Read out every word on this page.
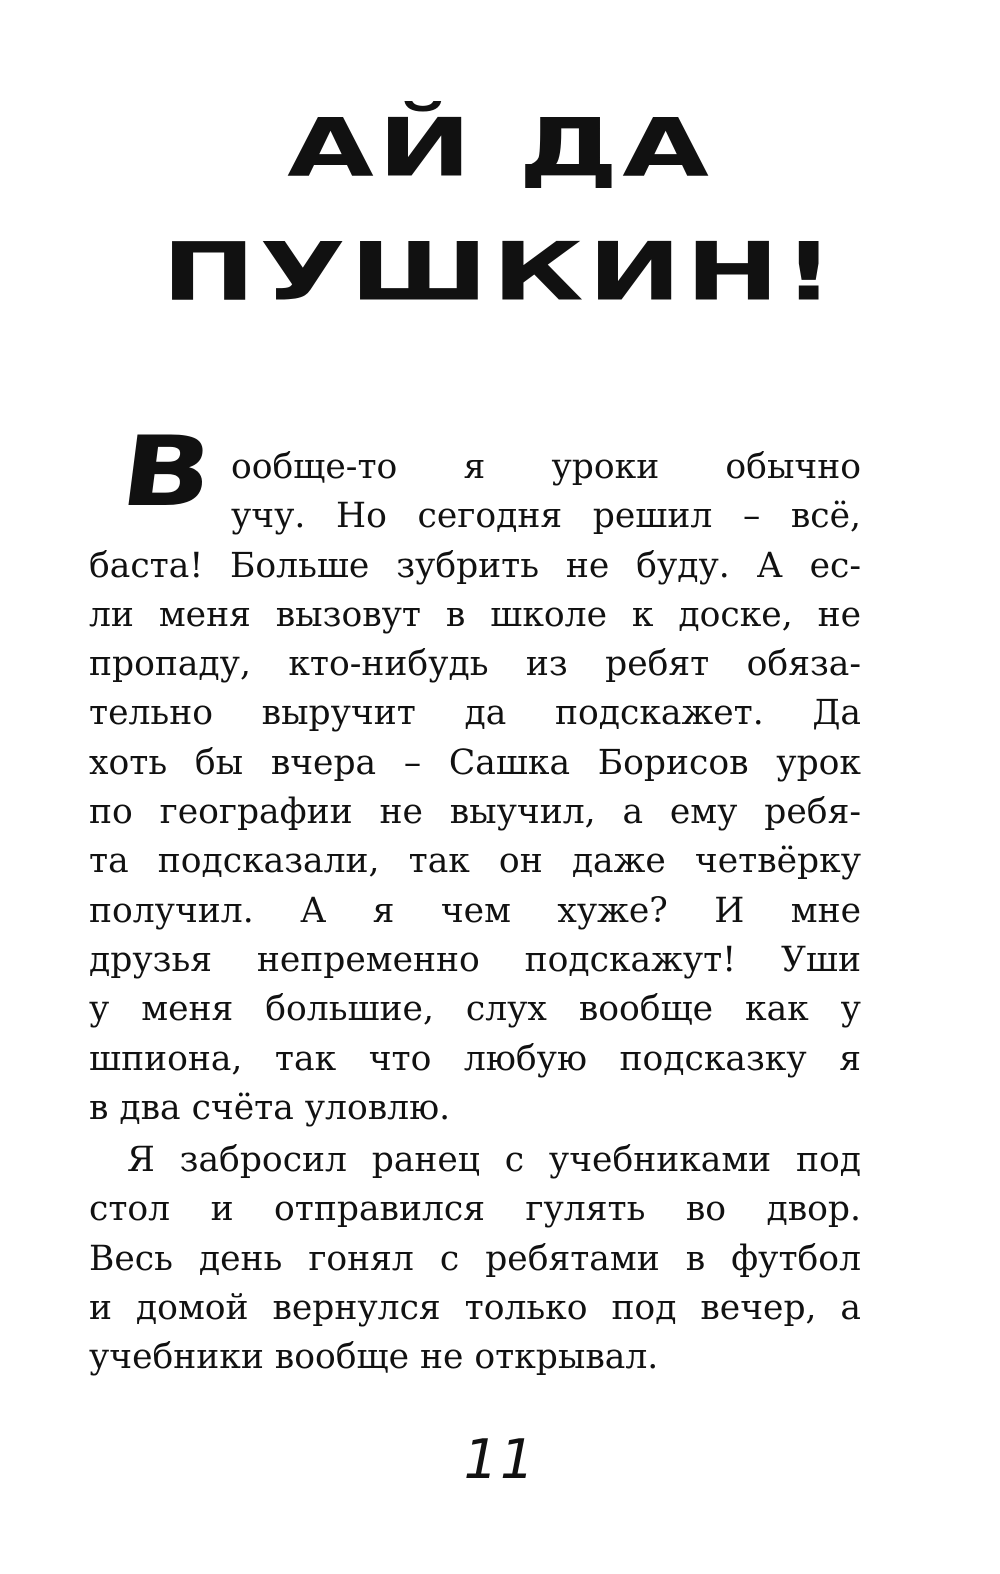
АЙ ДА
ПУШКИН!
В ообще-то я уроки обычно
учу. Но сегодня решил – всё,
баста! Больше зубрить не буду. А ес-
ли меня вызовут в школе к доске, не
пропаду, кто-нибудь из ребят обяза-
тельно выручит да подскажет. Да
хоть бы вчера – Сашка Борисов урок
по географии не выучил, а ему ребя-
та подсказали, так он даже четвёрку
получил. А я чем хуже? И мне
друзья непременно подскажут! Уши
у меня большие, слух вообще как у
шпиона, так что любую подсказку я
в два счёта уловлю.
Я забросил ранец с учебниками под
стол и отправился гулять во двор.
Весь день гонял с ребятами в футбол
и домой вернулся только под вечер, а
учебники вообще не открывал.
11
